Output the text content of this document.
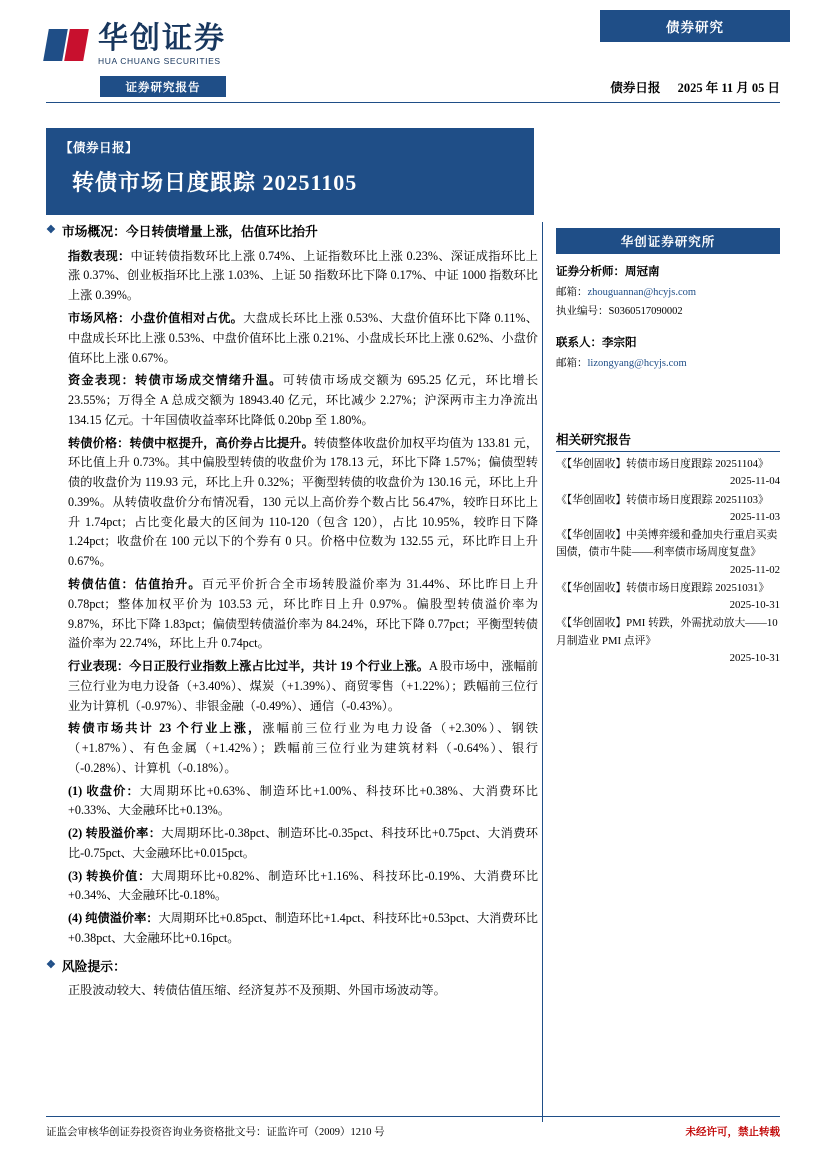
债券研究
华创证券
HUA CHUANG SECURITIES
证券研究报告	债券日报 2025 年 11 月 05 日
【债券日报】
转债市场日度跟踪 20251105
❖ 市场概况：今日转债增量上涨，估值环比抬升

指数表现：中证转债指数环比上涨 0.74%、上证指数环比上涨 0.23%、深证成指环比上涨 0.37%、创业板指环比上涨 1.03%、上证 50 指数环比下降 0.17%、中证 1000 指数环比上涨 0.39%。

市场风格：小盘价值相对占优。大盘成长环比上涨 0.53%、大盘价值环比下降 0.11%、中盘成长环比上涨 0.53%、中盘价值环比上涨 0.21%、小盘成长环比上涨 0.62%、小盘价值环比上涨 0.67%。

资金表现：转债市场成交情绪升温。可转债市场成交额为 695.25 亿元，环比增长 23.55%；万得全 A 总成交额为 18943.40 亿元，环比减少 2.27%；沪深两市主力净流出 134.15 亿元。十年国债收益率环比降低 0.20bp 至 1.80%。

转债价格：转债中枢提升，高价券占比提升。转债整体收盘价加权平均值为 133.81 元，环比值上升 0.73%。其中偏股型转债的收盘价为 178.13 元，环比下降 1.57%；偏债型转债的收盘价为 119.93 元，环比上升 0.32%；平衡型转债的收盘价为 130.16 元，环比上升 0.39%。从转债收盘价分布情况看，130 元以上高价券个数占比 56.47%，较昨日环比上升 1.74pct；占比变化最大的区间为 110-120（包含 120），占比 10.95%，较昨日下降 1.24pct；收盘价在 100 元以下的个券有 0 只。价格中位数为 132.55 元，环比昨日上升 0.67%。

转债估值：估值抬升。百元平价折合全市场转股溢价率为 31.44%、环比昨日上升 0.78pct；整体加权平价为 103.53 元，环比昨日上升 0.97%。偏股型转债溢价率为 9.87%，环比下降 1.83pct；偏债型转债溢价率为 84.24%，环比下降 0.77pct；平衡型转债溢价率为 22.74%，环比上升 0.74pct。

行业表现：今日正股行业指数上涨占比过半，共计 19 个行业上涨。A 股市场中，涨幅前三位行业为电力设备（+3.40%）、煤炭（+1.39%）、商贸零售（+1.22%）；跌幅前三位行业为计算机（-0.97%）、非银金融（-0.49%）、通信（-0.43%）。

转债市场共计 23 个行业上涨，涨幅前三位行业为电力设备（+2.30%）、钢铁（+1.87%）、有色金属（+1.42%）；跌幅前三位行业为建筑材料（-0.64%）、银行（-0.28%）、计算机（-0.18%）。

(1) 收盘价：大周期环比+0.63%、制造环比+1.00%、科技环比+0.38%、大消费环比+0.33%、大金融环比+0.13%。

(2) 转股溢价率：大周期环比-0.38pct、制造环比-0.35pct、科技环比+0.75pct、大消费环比-0.75pct、大金融环比+0.015pct。

(3) 转换价值：大周期环比+0.82%、制造环比+1.16%、科技环比-0.19%、大消费环比+0.34%、大金融环比-0.18%。

(4) 纯债溢价率：大周期环比+0.85pct、制造环比+1.4pct、科技环比+0.53pct、大消费环比+0.38pct、大金融环比+0.16pct。

❖ 风险提示：

正股波动较大、转债估值压缩、经济复苏不及预期、外国市场波动等。

华创证券研究所
证券分析师：周冠南
邮箱：zhouguannan@hcyjs.com
执业编号：S0360517090002
联系人：李宗阳
邮箱：lizongyang@hcyjs.com
相关研究报告
《【华创固收】转债市场日度跟踪 20251104》
2025-11-04
《【华创固收】转债市场日度跟踪 20251103》
2025-11-03
《【华创固收】中美博弈缓和叠加央行重启买卖国债，债市牛陡——利率债市场周度复盘》
2025-11-02
《【华创固收】转债市场日度跟踪 20251031》
2025-10-31
《【华创固收】PMI 转跌，外需扰动放大——10 月制造业 PMI 点评》
2025-10-31
证监会审核华创证券投资咨询业务资格批文号：证监许可（2009）1210 号	未经许可，禁止转载
